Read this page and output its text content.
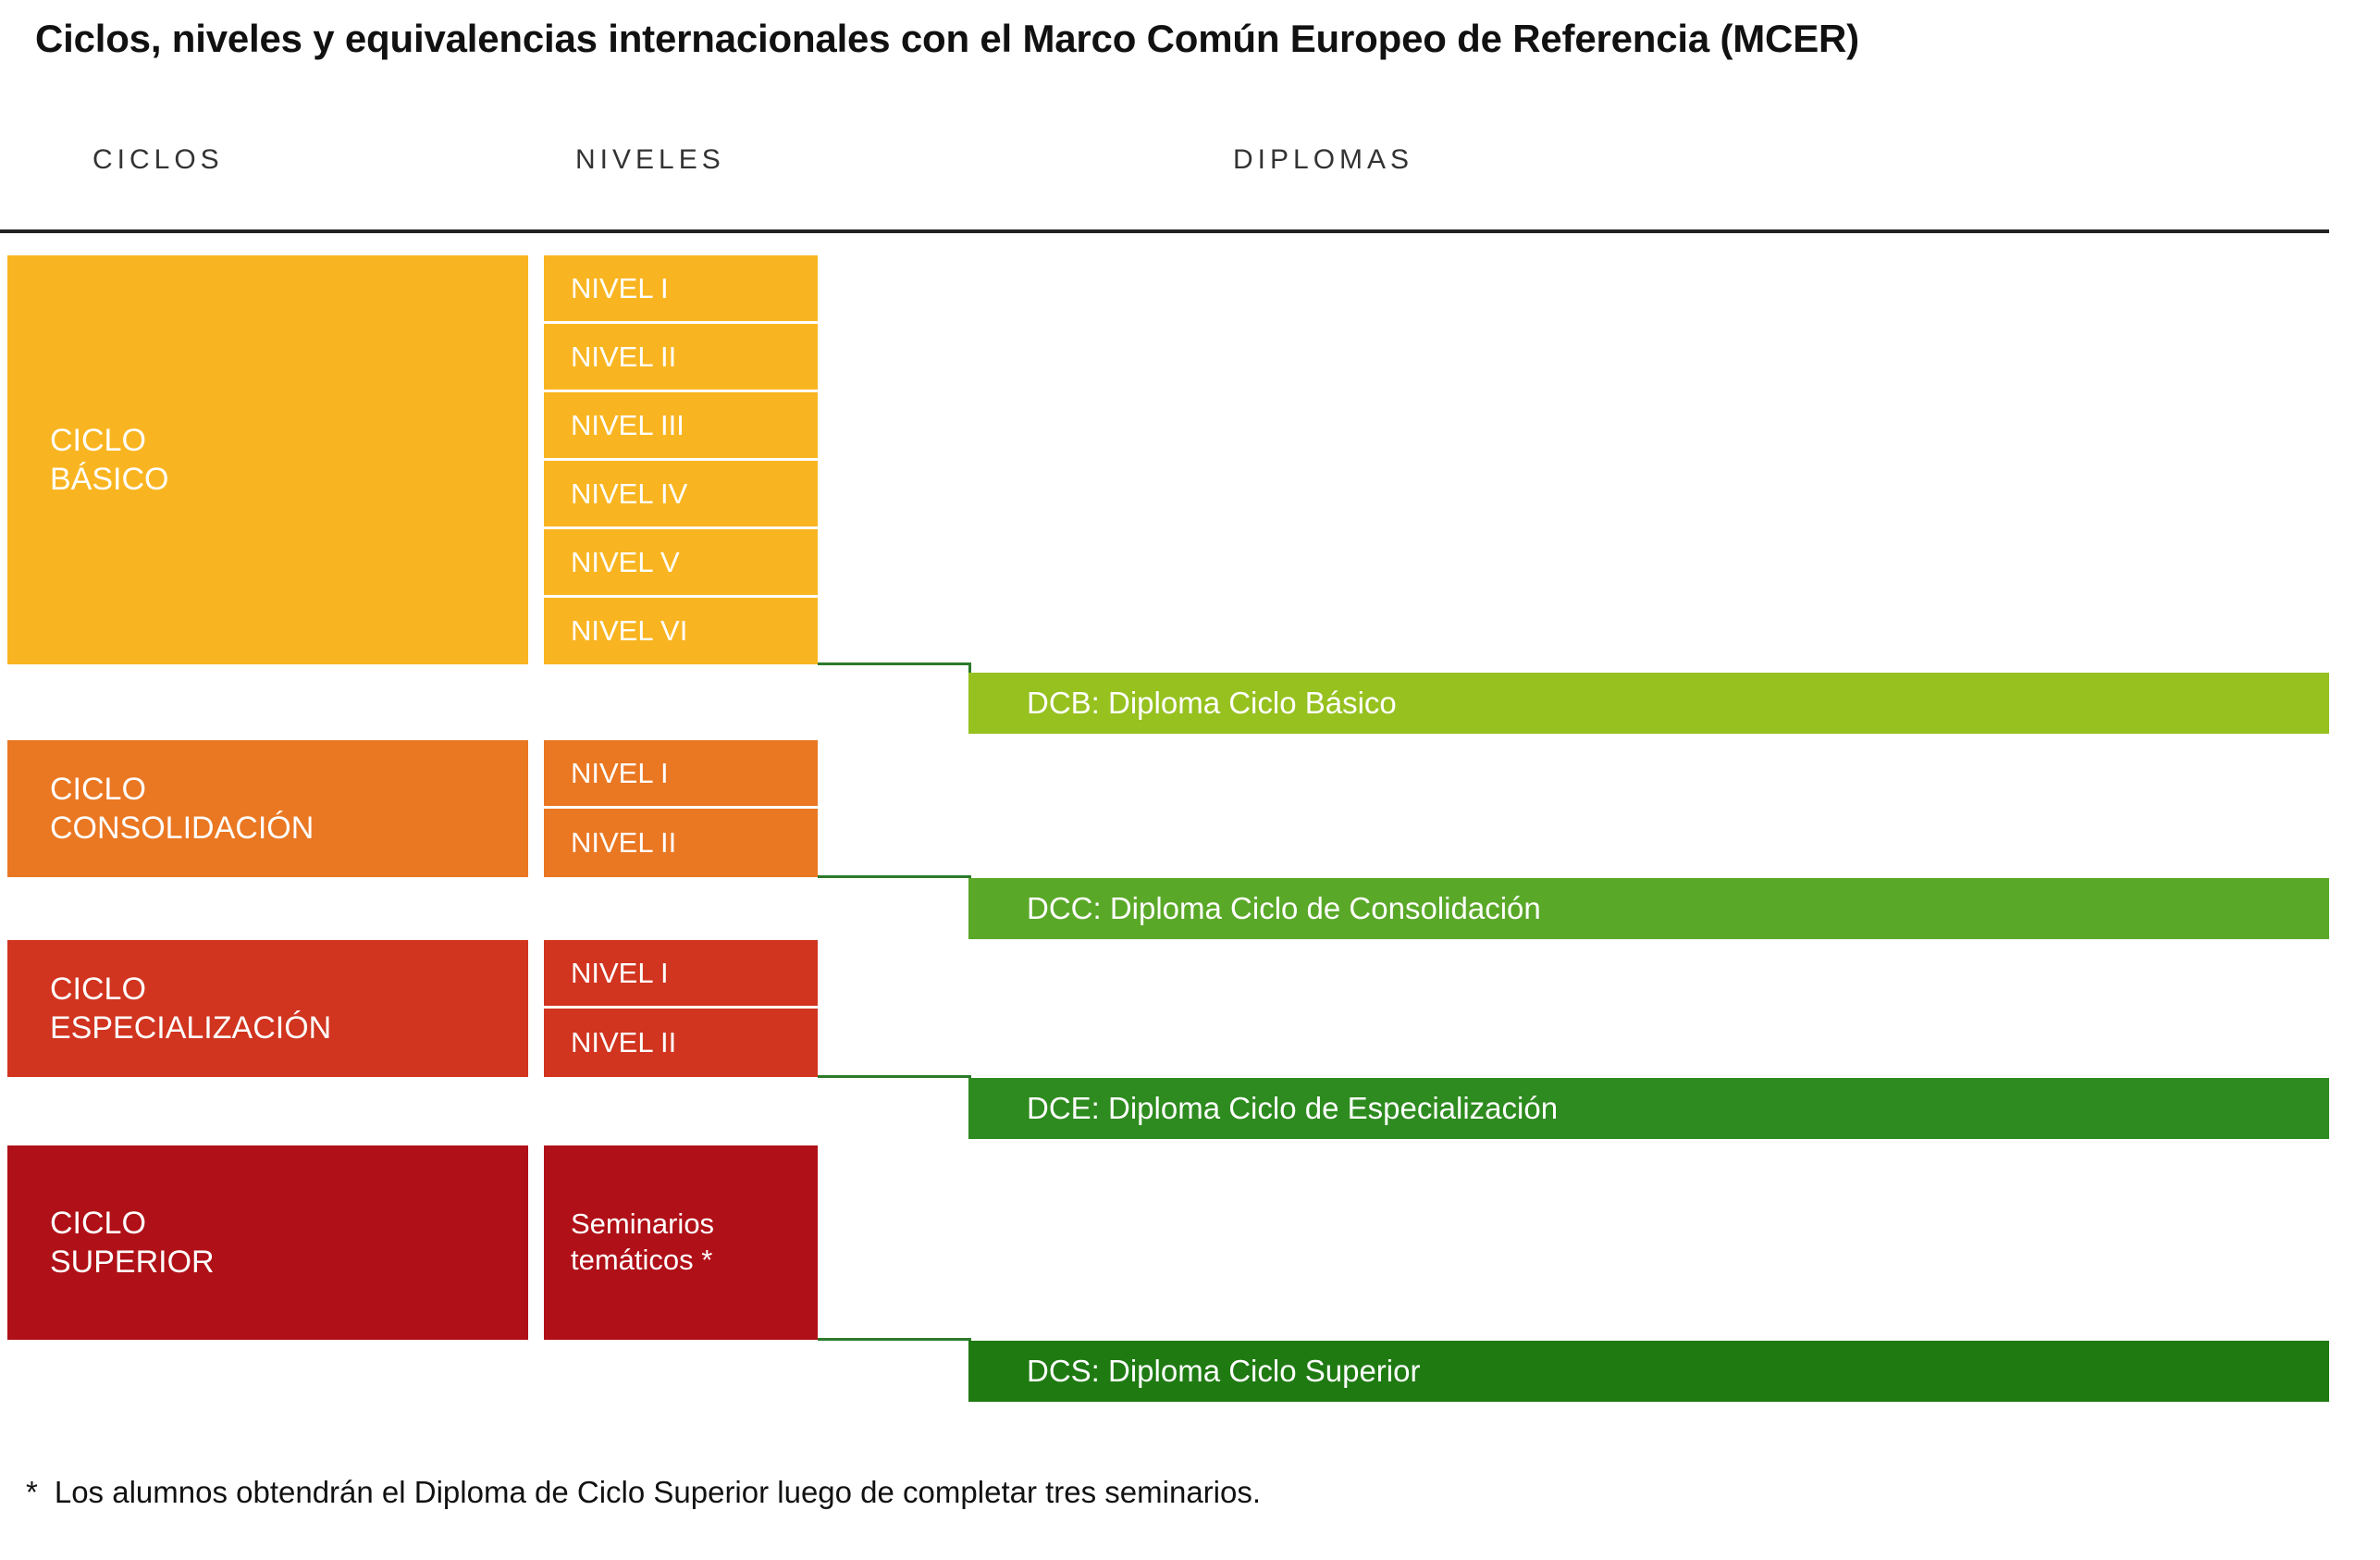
Ciclos, niveles y equivalencias internacionales con el Marco Común Europeo de Referencia (MCER)
CICLOS	NIVELES	DIPLOMAS
CICLO
BÁSICO
NIVEL I
NIVEL II
NIVEL III
NIVEL IV
NIVEL V
NIVEL VI
DCB: Diploma Ciclo Básico
CICLO
CONSOLIDACIÓN
NIVEL I
NIVEL II
DCC: Diploma Ciclo de Consolidación
CICLO
ESPECIALIZACIÓN
NIVEL I
NIVEL II
DCE: Diploma Ciclo de Especialización
CICLO
SUPERIOR
Seminarios
temáticos *
DCS: Diploma Ciclo Superior
* Los alumnos obtendrán el Diploma de Ciclo Superior luego de completar tres seminarios.
